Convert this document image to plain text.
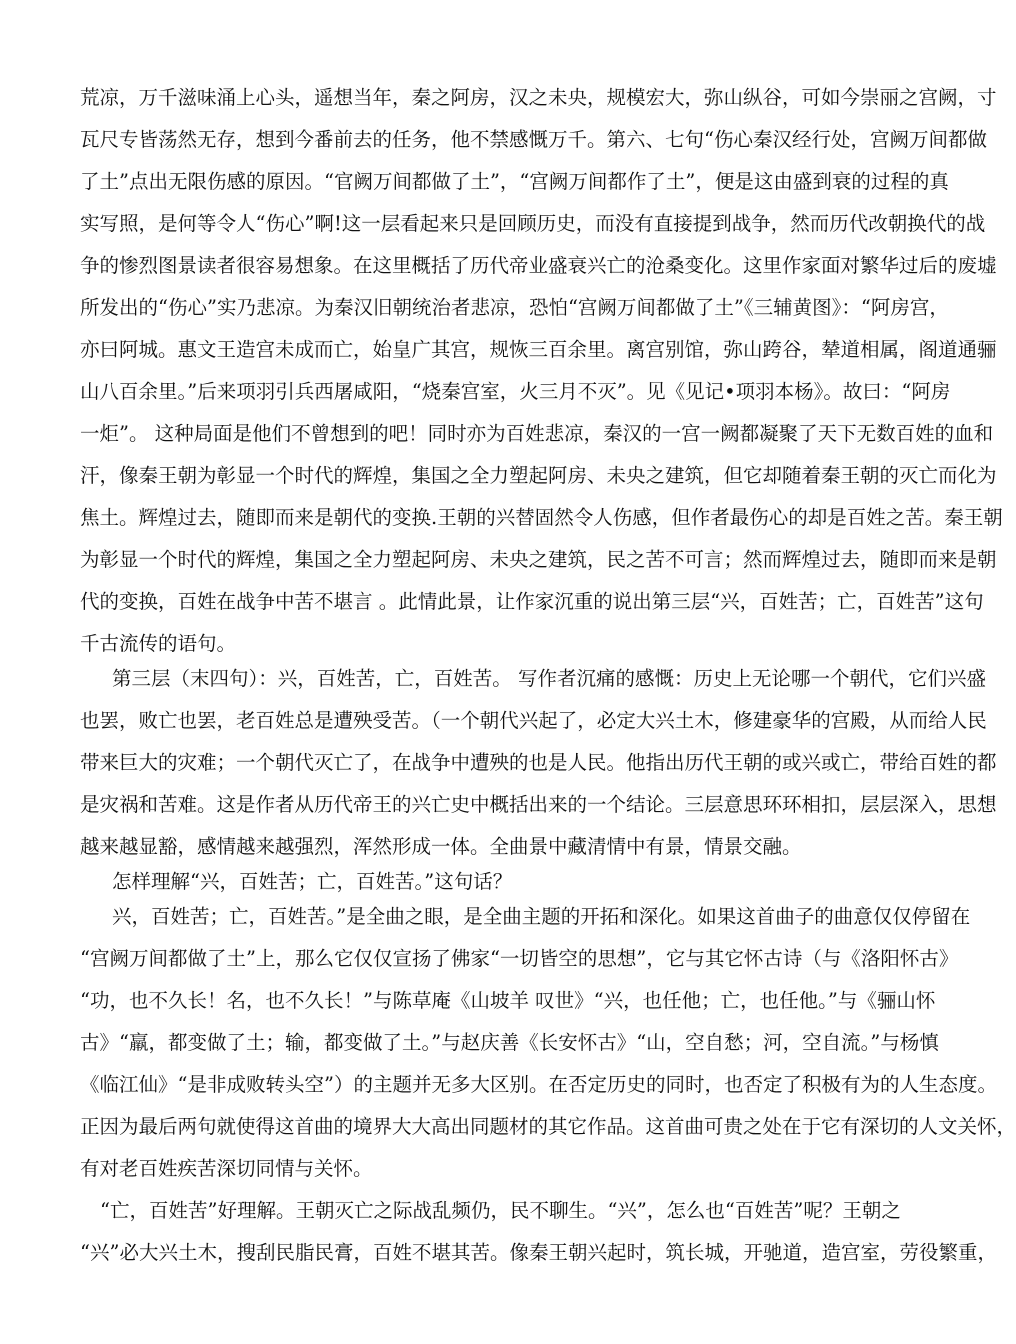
荒凉，万千滋味涌上心头，遥想当年，秦之阿房，汉之未央，规模宏大，弥山纵谷，可如今崇丽之宫阙，寸
瓦尺专皆荡然无存，想到今番前去的任务，他不禁感慨万千。第六、七句“伤心秦汉经行处，宫阙万间都做
了土”点出无限伤感的原因。“官阙万间都做了土”，“宫阙万间都作了土”，便是这由盛到衰的过程的真
实写照，是何等令人“伤心”啊!这一层看起来只是回顾历史，而没有直接提到战争，然而历代改朝换代的战
争的惨烈图景读者很容易想象。在这里概括了历代帝业盛衰兴亡的沧桑变化。这里作家面对繁华过后的废墟
所发出的“伤心”实乃悲凉。为秦汉旧朝统治者悲凉，恐怕“宫阙万间都做了土”《三辅黄图》：“阿房宫，
亦曰阿城。惠文王造宫未成而亡，始皇广其宫，规恢三百余里。离宫别馆，弥山跨谷，辇道相属，阁道通骊
山八百余里。”后来项羽引兵西屠咸阳，“烧秦宫室，火三月不灭”。见《见记•项羽本杨》。故曰：“阿房
一炬”。 这种局面是他们不曾想到的吧！同时亦为百姓悲凉，秦汉的一宫一阙都凝聚了天下无数百姓的血和
汗，像秦王朝为彰显一个时代的辉煌，集国之全力塑起阿房、未央之建筑，但它却随着秦王朝的灭亡而化为
焦土。辉煌过去，随即而来是朝代的变换.王朝的兴替固然令人伤感，但作者最伤心的却是百姓之苦。秦王朝
为彰显一个时代的辉煌，集国之全力塑起阿房、未央之建筑，民之苦不可言；然而辉煌过去，随即而来是朝
代的变换，百姓在战争中苦不堪言 。此情此景，让作家沉重的说出第三层“兴，百姓苦；亡，百姓苦”这句
千古流传的语句。
第三层（末四句）：兴，百姓苦，亡，百姓苦。 写作者沉痛的感慨：历史上无论哪一个朝代，它们兴盛
也罢，败亡也罢，老百姓总是遭殃受苦。（一个朝代兴起了，必定大兴土木，修建豪华的宫殿，从而给人民
带来巨大的灾难；一个朝代灭亡了，在战争中遭殃的也是人民。他指出历代王朝的或兴或亡，带给百姓的都
是灾祸和苦难。这是作者从历代帝王的兴亡史中概括出来的一个结论。三层意思环环相扣，层层深入，思想
越来越显豁，感情越来越强烈，浑然形成一体。全曲景中藏清情中有景，情景交融。
怎样理解“兴，百姓苦；亡，百姓苦。”这句话？
兴，百姓苦；亡，百姓苦。”是全曲之眼，是全曲主题的开拓和深化。如果这首曲子的曲意仅仅停留在
“宫阙万间都做了土”上，那么它仅仅宣扬了佛家“一切皆空的思想”，它与其它怀古诗（与《洛阳怀古》
“功，也不久长！名，也不久长！”与陈草庵《山坡羊 叹世》“兴，也任他；亡，也任他。”与《骊山怀
古》“羸，都变做了土；输，都变做了土。”与赵庆善《长安怀古》“山，空自愁；河，空自流。”与杨慎
《临江仙》“是非成败转头空”）的主题并无多大区别。在否定历史的同时，也否定了积极有为的人生态度。
正因为最后两句就使得这首曲的境界大大高出同题材的其它作品。这首曲可贵之处在于它有深切的人文关怀，
有对老百姓疾苦深切同情与关怀。
“亡，百姓苦”好理解。王朝灭亡之际战乱频仍，民不聊生。“兴”，怎么也“百姓苦”呢？王朝之
“兴”必大兴土木，搜刮民脂民膏，百姓不堪其苦。像秦王朝兴起时，筑长城，开驰道，造宫室，劳役繁重，
